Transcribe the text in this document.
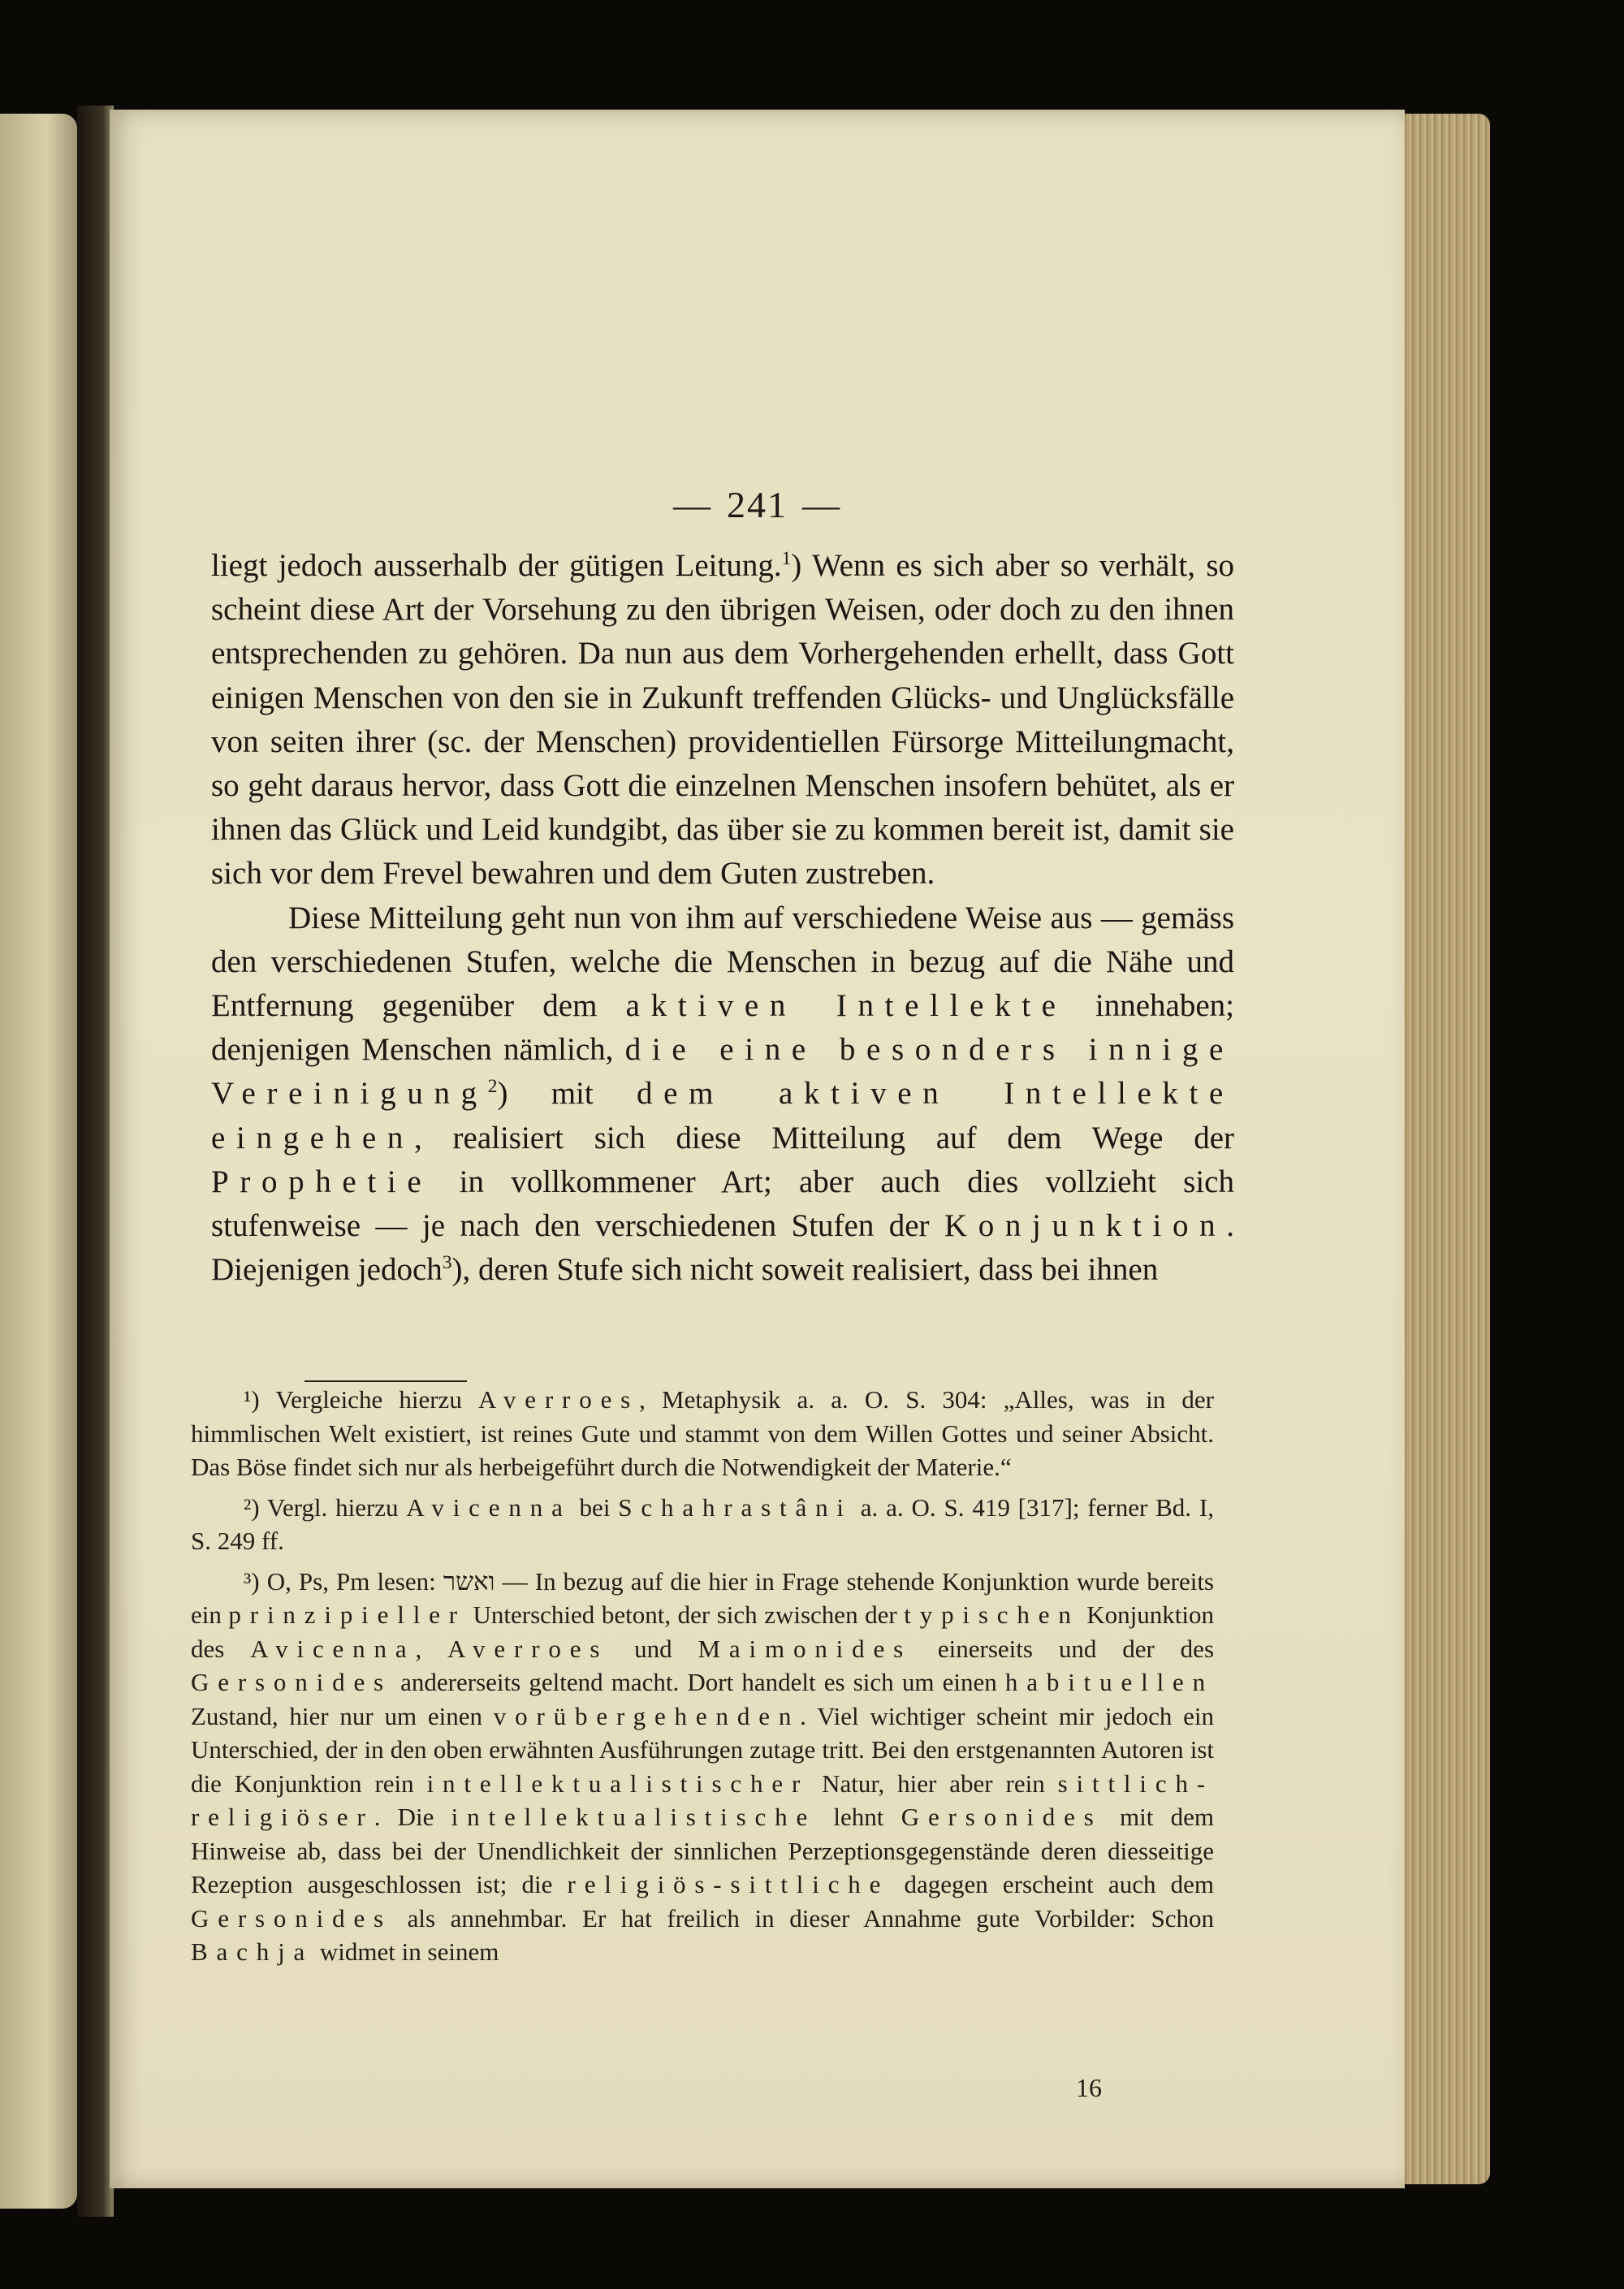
— 241 —

liegt jedoch ausserhalb der gütigen Leitung.$^1$) Wenn es sich aber so verhält, so scheint diese Art der Vorsehung zu den übrigen Weisen, oder doch zu den ihnen entsprechenden zu gehören. Da nun aus dem Vorhergehenden erhellt, dass Gott einigen Menschen von den sie in Zukunft treffenden Glücks- und Unglücksfälle von seiten ihrer (sc. der Menschen) providentiellen Fürsorge Mitteilungmacht, so geht daraus hervor, dass Gott die einzelnen Menschen insofern behütet, als er ihnen das Glück und Leid kundgibt, das über sie zu kommen bereit ist, damit sie sich vor dem Frevel bewahren und dem Guten zustreben.

Diese Mitteilung geht nun von ihm auf verschiedene Weise aus — gemäss den verschiedenen Stufen, welche die Menschen in bezug auf die Nähe und Entfernung gegenüber dem aktiven Intellekte innehaben; denjenigen Menschen nämlich, die eine besonders innige Vereinigung$^2$) mit dem aktiven Intellekte eingehen, realisiert sich diese Mitteilung auf dem Wege der Prophetie in vollkommener Art; aber auch dies vollzieht sich stufenweise — je nach den verschiedenen Stufen der Konjunktion. Diejenigen jedoch$^3$), deren Stufe sich nicht soweit realisiert, dass bei ihnen

¹) Vergleiche hierzu Averroes, Metaphysik a. a. O. S. 304: „Alles, was in der himmlischen Welt existiert, ist reines Gute und stammt von dem Willen Gottes und seiner Absicht. Das Böse findet sich nur als herbeigeführt durch die Notwendigkeit der Materie.“

²) Vergl. hierzu Avicenna bei Schahrastâni a. a. O. S. 419 [317]; ferner Bd. I, S. 249 ff.

³) O, Ps, Pm lesen: ואשר — In bezug auf die hier in Frage stehende Konjunktion wurde bereits ein prinzipieller Unterschied betont, der sich zwischen der typischen Konjunktion des Avicenna, Averroes und Maimonides einerseits und der des Gersonides andererseits geltend macht. Dort handelt es sich um einen habituellen Zustand, hier nur um einen vorübergehenden. Viel wichtiger scheint mir jedoch ein Unterschied, der in den oben erwähnten Ausführungen zutage tritt. Bei den erstgenannten Autoren ist die Konjunktion rein intellektualistischer Natur, hier aber rein sittlich-religiöser. Die intellektualistische lehnt Gersonides mit dem Hinweise ab, dass bei der Unendlichkeit der sinnlichen Perzeptionsgegenstände deren diesseitige Rezeption ausgeschlossen ist; die religiös-sittliche dagegen erscheint auch dem Gersonides als annehmbar. Er hat freilich in dieser Annahme gute Vorbilder: Schon Bachja widmet in seinem

16
